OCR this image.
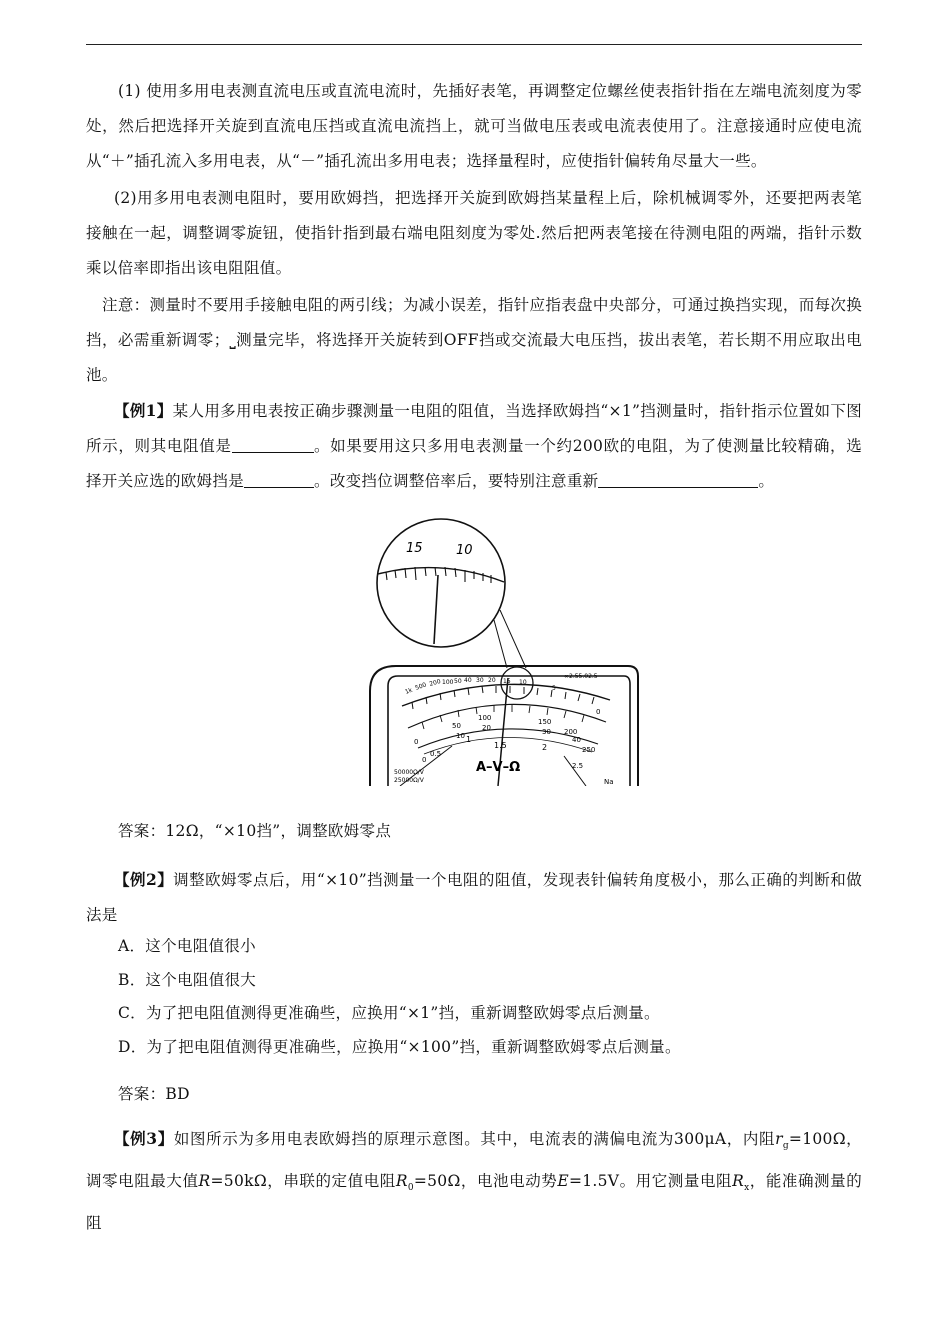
(1) 使用多用电表测直流电压或直流电流时，先插好表笔，再调整定位螺丝使表指针指在左端电流刻度为零处，然后把选择开关旋到直流电压挡或直流电流挡上，就可当做电压表或电流表使用了。注意接通时应使电流从“＋”插孔流入多用电表，从“－”插孔流出多用电表；选择量程时，应使指针偏转角尽量大一些。

(2)用多用电表测电阻时，要用欧姆挡，把选择开关旋到欧姆挡某量程上后，除机械调零外，还要把两表笔接触在一起，调整调零旋钮，使指针指到最右端电阻刻度为零处.然后把两表笔接在待测电阻的两端，指针示数乘以倍率即指出该电阻阻值。

注意：测量时不要用手接触电阻的两引线；为减小误差，指针应指表盘中央部分，可通过换挡实现，而每次换挡，必需重新调零；⎵测量完毕，将选择开关旋转到OFF挡或交流最大电压挡，拔出表笔，若长期不用应取出电池。

【例1】某人用多用电表按正确步骤测量一电阻的阻值，当选择欧姆挡“×1”挡测量时，指针指示位置如下图所示，则其电阻值是	。如果要用这只多用电表测量一个约200欧的电阻，为了使测量比较精确，选择开关应选的欧姆挡是	。改变挡位调整倍率后，要特别注意重新	。

15	10
1k 500 200 100 50 40 30 20 15 10
5
0
∞2.55.02.5
0
50
10
100
20
150
30 200
40
250
0
0.5
1
1.5	2
2.5
A–V–Ω
50000Ω/V
25000Ω/V	Na
答案：12Ω，“×10挡”，调整欧姆零点

【例2】调整欧姆零点后，用“×10”挡测量一个电阻的阻值，发现表针偏转角度极小，那么正确的判断和做法是

A．这个电阻值很小
B．这个电阻值很大
C．为了把电阻值测得更准确些，应换用“×1”挡，重新调整欧姆零点后测量。
D．为了把电阻值测得更准确些，应换用“×100”挡，重新调整欧姆零点后测量。
答案：BD

【例3】如图所示为多用电表欧姆挡的原理示意图。其中，电流表的满偏电流为300μA，内阻$r_g=100\Omega$，调零电阻最大值R=50kΩ，串联的定值电阻$R_0=50\Omega$，电池电动势E=1.5V。用它测量电阻$R_x$，能准确测量的阻
